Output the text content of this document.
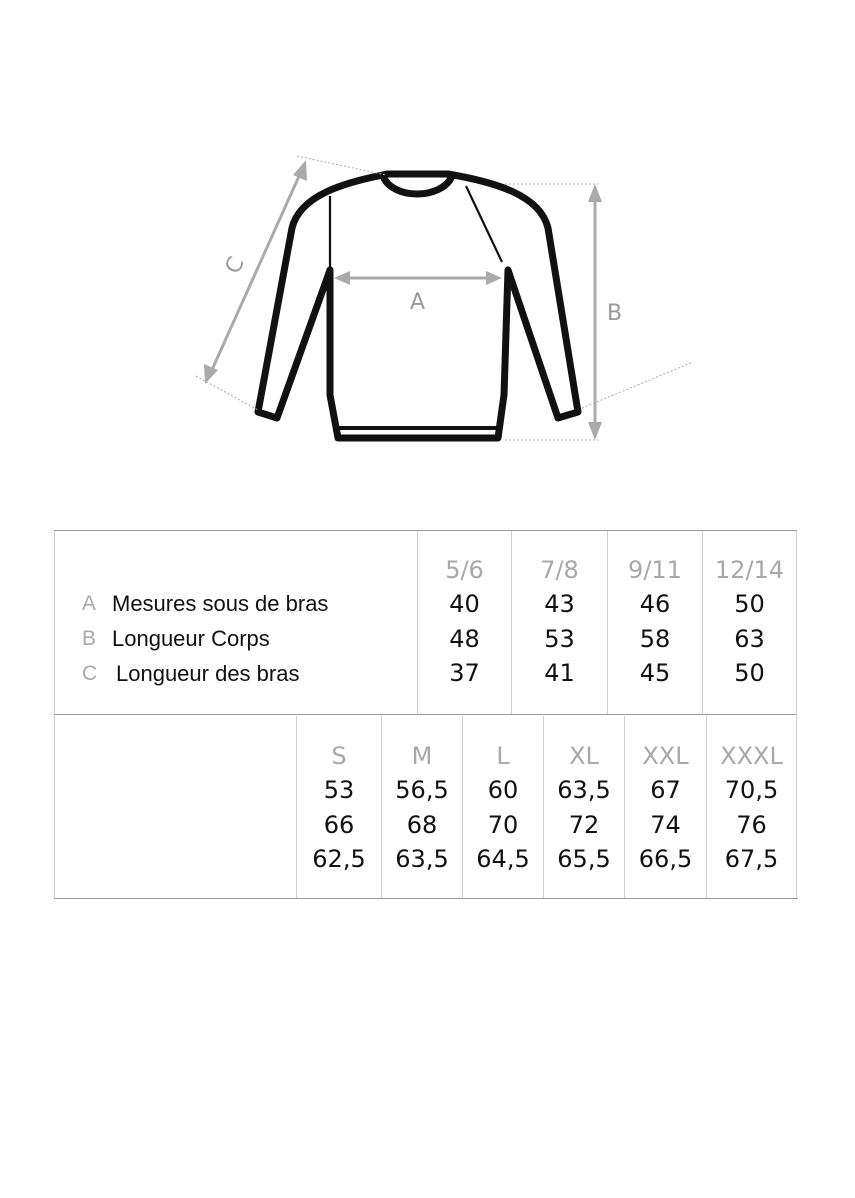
A	B
C
A Mesures sous de bras
B Longueur Corps
C Longueur des bras
5/6
40
48
37
7/8
43
53
41
9/11
46
58
45
12/14
50
63
50
S
53
66
62,5
M
56,5
68
63,5
L
60
70
64,5
XL
63,5
72
65,5
XXL
67
74
66,5
XXXL
70,5
76
67,5
